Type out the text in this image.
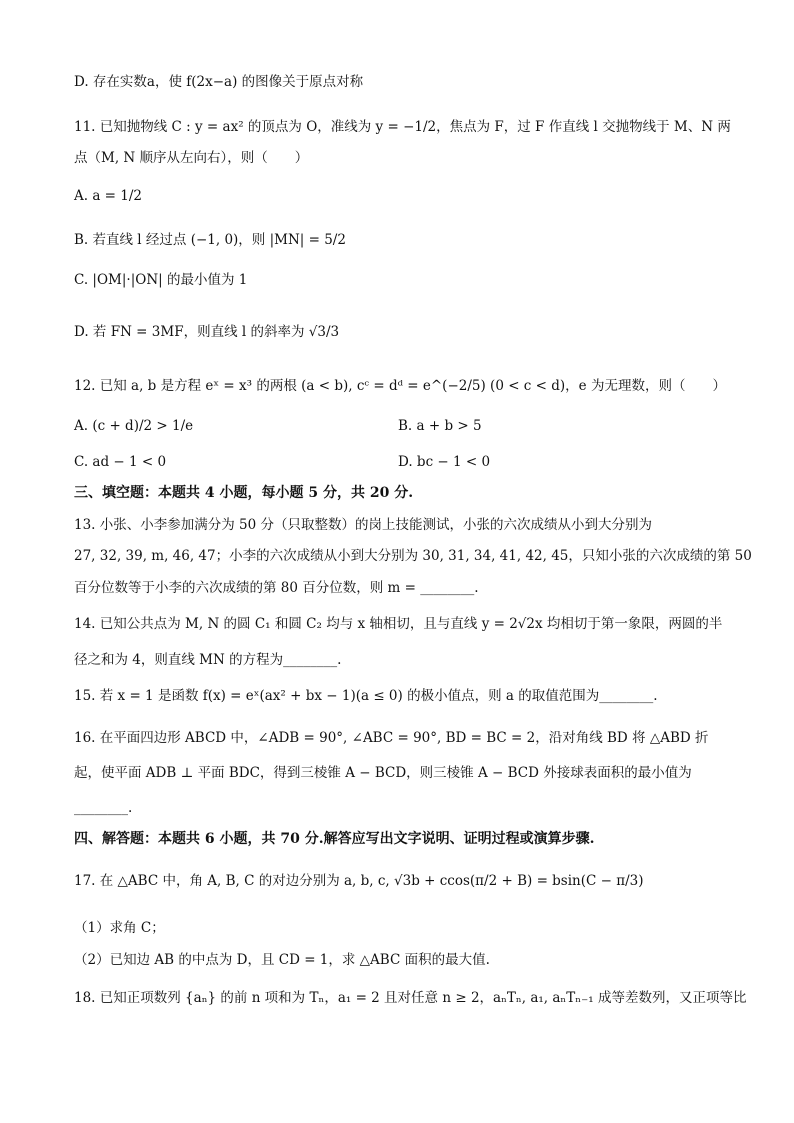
D. 存在实数a，使 f(2x−a) 的图像关于原点对称
11. 已知抛物线 C : y = ax² 的顶点为 O，准线为 y = −1/2，焦点为 F，过 F 作直线 l 交抛物线于 M、N 两
点（M, N 顺序从左向右），则（　　）
A. a = 1/2
B. 若直线 l 经过点 (−1, 0)，则 |MN| = 5/2
C. |OM|·|ON| 的最小值为 1
D. 若 FN = 3MF，则直线 l 的斜率为 √3/3
12. 已知 a, b 是方程 eˣ = x³ 的两根 (a < b), cᶜ = dᵈ = e^(−2/5) (0 < c < d)，e 为无理数，则（　　）
A. (c + d)/2 > 1/e	B. a + b > 5
C. ad − 1 < 0	D. bc − 1 < 0
三、填空题：本题共 4 小题，每小题 5 分，共 20 分.
13. 小张、小李参加满分为 50 分（只取整数）的岗上技能测试，小张的六次成绩从小到大分别为
27, 32, 39, m, 46, 47；小李的六次成绩从小到大分别为 30, 31, 34, 41, 42, 45，只知小张的六次成绩的第 50
百分位数等于小李的六次成绩的第 80 百分位数，则 m = ________.
14. 已知公共点为 M, N 的圆 C₁ 和圆 C₂ 均与 x 轴相切，且与直线 y = 2√2x 均相切于第一象限，两圆的半
径之和为 4，则直线 MN 的方程为________.
15. 若 x = 1 是函数 f(x) = eˣ(ax² + bx − 1)(a ≤ 0) 的极小值点，则 a 的取值范围为________.
16. 在平面四边形 ABCD 中，∠ADB = 90°, ∠ABC = 90°, BD = BC = 2，沿对角线 BD 将 △ABD 折
起，使平面 ADB ⊥ 平面 BDC，得到三棱锥 A − BCD，则三棱锥 A − BCD 外接球表面积的最小值为
________.
四、解答题：本题共 6 小题，共 70 分.解答应写出文字说明、证明过程或演算步骤.
17. 在 △ABC 中，角 A, B, C 的对边分别为 a, b, c, √3b + ccos(π/2 + B) = bsin(C − π/3)
（1）求角 C；
（2）已知边 AB 的中点为 D，且 CD = 1，求 △ABC 面积的最大值.
18. 已知正项数列 {aₙ} 的前 n 项和为 Tₙ，a₁ = 2 且对任意 n ≥ 2，aₙTₙ, a₁, aₙTₙ₋₁ 成等差数列，又正项等比
